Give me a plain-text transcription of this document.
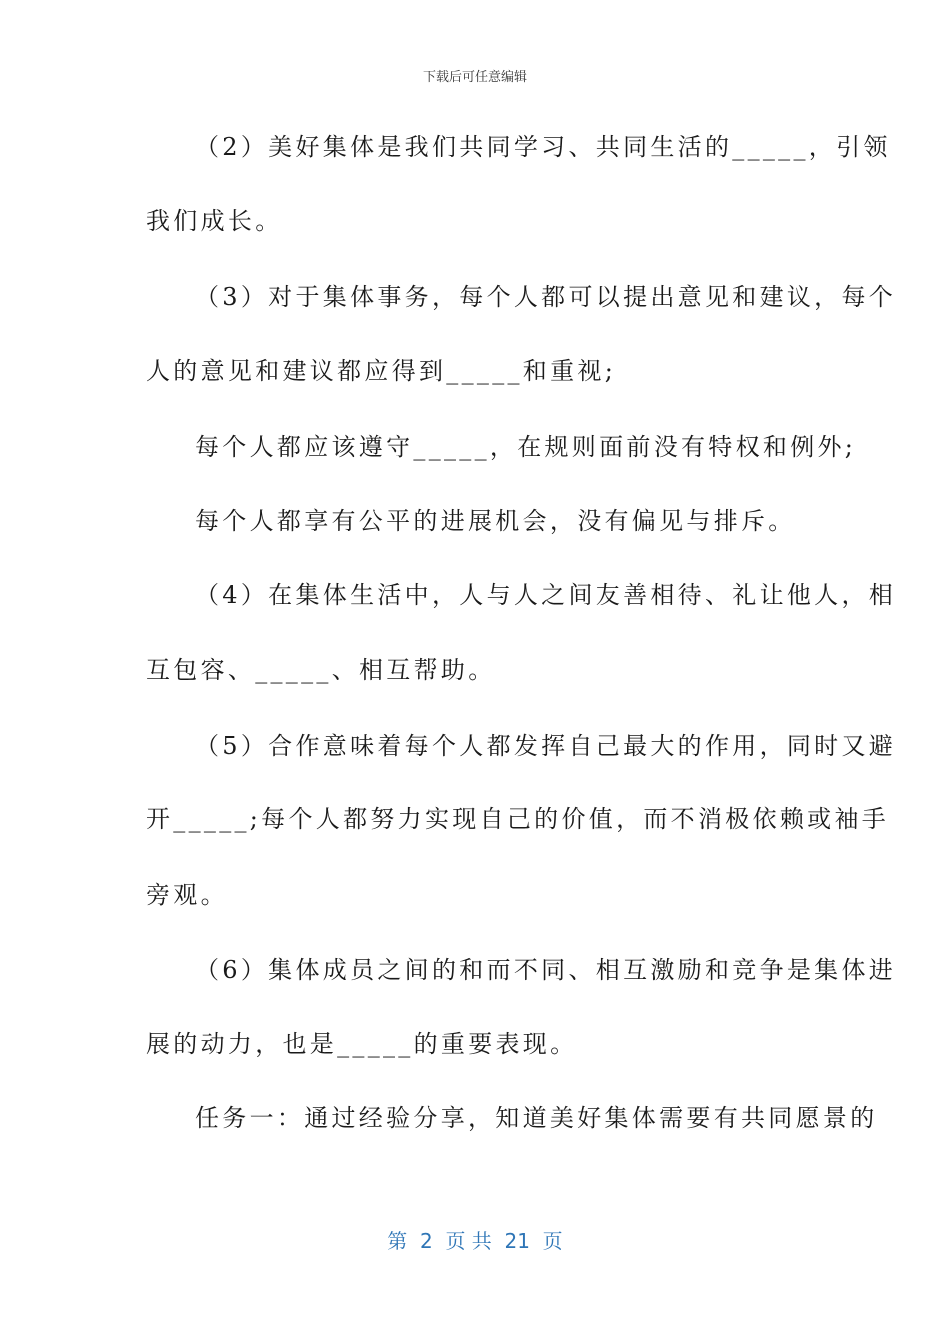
下载后可任意编辑
（2）美好集体是我们共同学习、共同生活的_____，引领
我们成长。
（3）对于集体事务，每个人都可以提出意见和建议，每个
人的意见和建议都应得到_____和重视;
每个人都应该遵守_____，在规则面前没有特权和例外;
每个人都享有公平的进展机会，没有偏见与排斥。
（4）在集体生活中，人与人之间友善相待、礼让他人，相
互包容、_____、相互帮助。
（5）合作意味着每个人都发挥自己最大的作用，同时又避
开_____;每个人都努力实现自己的价值，而不消极依赖或袖手
旁观。
（6）集体成员之间的和而不同、相互激励和竞争是集体进
展的动力，也是_____的重要表现。
任务一：通过经验分享，知道美好集体需要有共同愿景的
第  2  页 共  21  页
